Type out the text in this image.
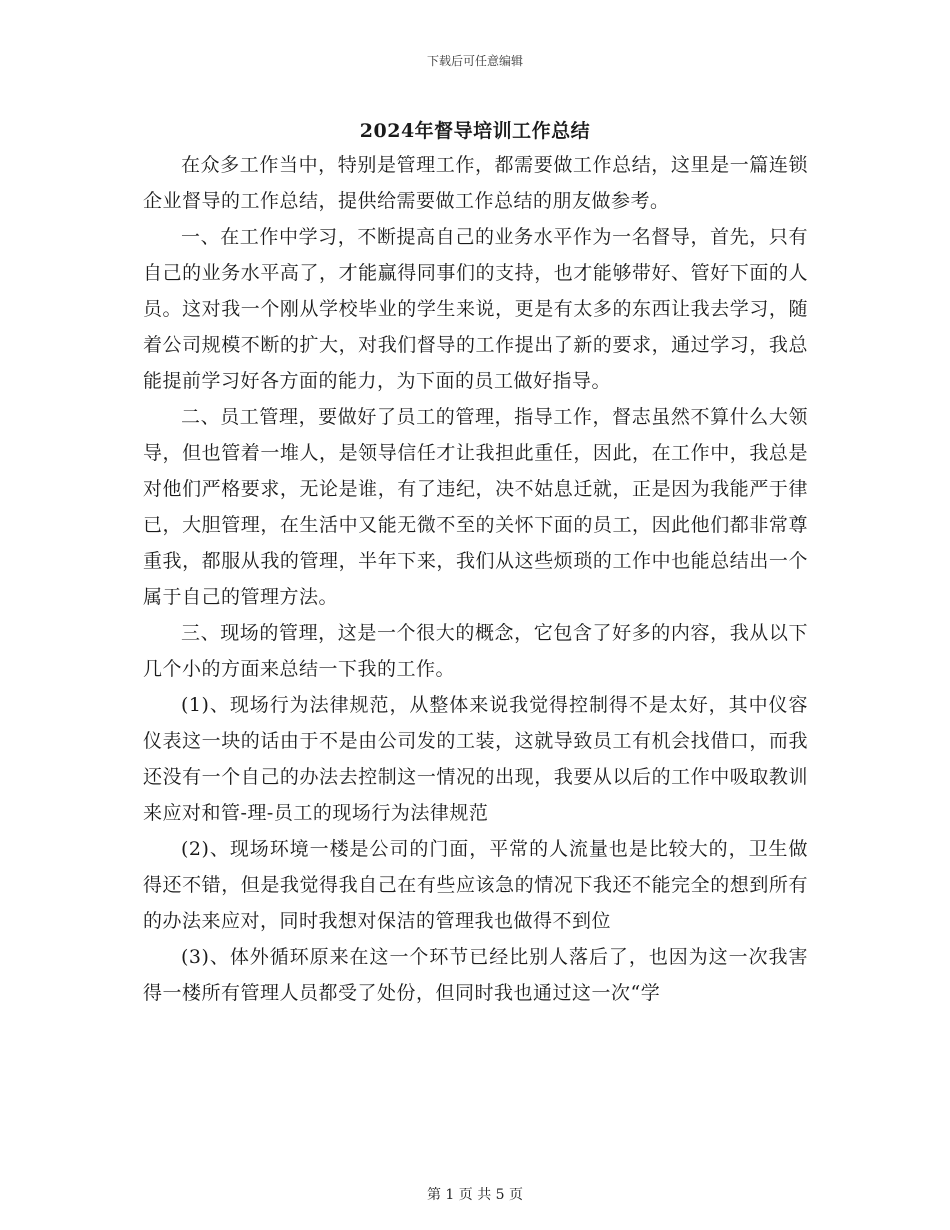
下载后可任意编辑
2024年督导培训工作总结

在众多工作当中，特别是管理工作，都需要做工作总结，这里是一篇连锁企业督导的工作总结，提供给需要做工作总结的朋友做参考。

一、在工作中学习，不断提高自己的业务水平作为一名督导，首先，只有自己的业务水平高了，才能赢得同事们的支持，也才能够带好、管好下面的人员。这对我一个刚从学校毕业的学生来说，更是有太多的东西让我去学习，随着公司规模不断的扩大，对我们督导的工作提出了新的要求，通过学习，我总能提前学习好各方面的能力，为下面的员工做好指导。

二、员工管理，要做好了员工的管理，指导工作，督志虽然不算什么大领导，但也管着一堆人，是领导信任才让我担此重任，因此，在工作中，我总是对他们严格要求，无论是谁，有了违纪，决不姑息迁就，正是因为我能严于律已，大胆管理，在生活中又能无微不至的关怀下面的员工，因此他们都非常尊重我，都服从我的管理，半年下来，我们从这些烦琐的工作中也能总结出一个属于自己的管理方法。

三、现场的管理，这是一个很大的概念，它包含了好多的内容，我从以下几个小的方面来总结一下我的工作。

(1)、现场行为法律规范，从整体来说我觉得控制得不是太好，其中仪容仪表这一块的话由于不是由公司发的工装，这就导致员工有机会找借口，而我还没有一个自己的办法去控制这一情况的出现，我要从以后的工作中吸取教训来应对和管-理-员工的现场行为法律规范

(2)、现场环境一楼是公司的门面，平常的人流量也是比较大的，卫生做得还不错，但是我觉得我自己在有些应该急的情况下我还不能完全的想到所有的办法来应对，同时我想对保洁的管理我也做得不到位

(3)、体外循环原来在这一个环节已经比别人落后了，也因为这一次我害得一楼所有管理人员都受了处份，但同时我也通过这一次“学

第 1 页 共 5 页
